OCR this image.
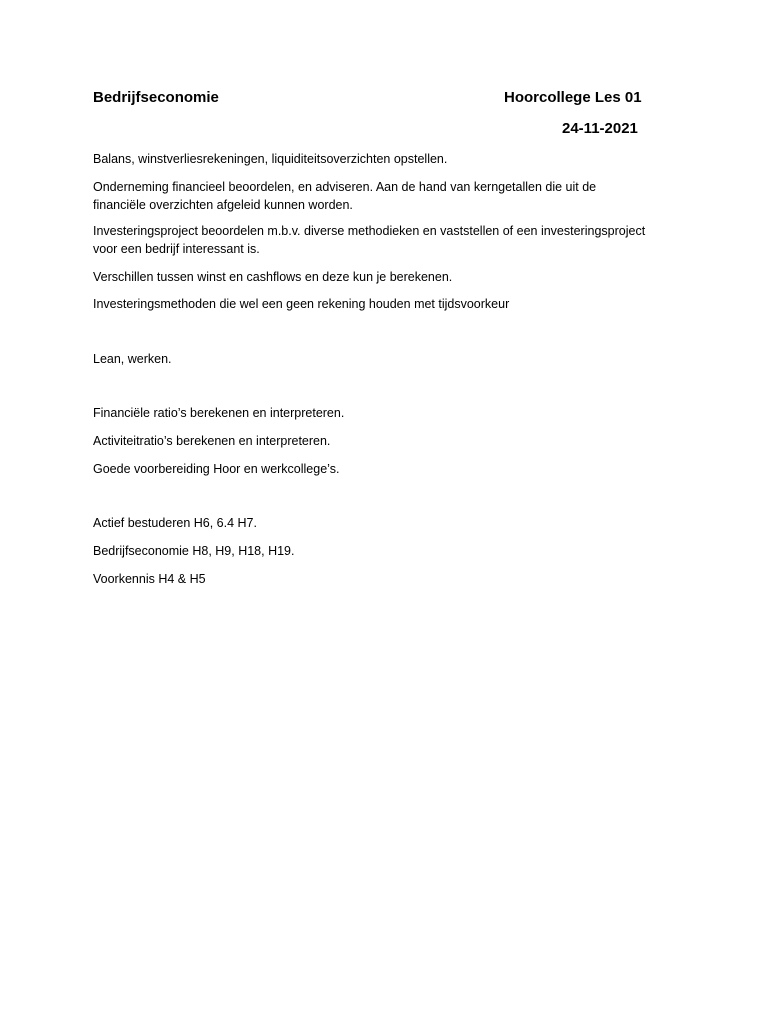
Bedrijfseconomie	Hoorcollege Les 01
24-11-2021
Balans, winstverliesrekeningen, liquiditeitsoverzichten opstellen.
Onderneming financieel beoordelen, en adviseren. Aan de hand van kerngetallen die uit de
financiële overzichten afgeleid kunnen worden.
Investeringsproject beoordelen m.b.v. diverse methodieken en vaststellen of een investeringsproject
voor een bedrijf interessant is.
Verschillen tussen winst en cashflows en deze kun je berekenen.
Investeringsmethoden die wel een geen rekening houden met tijdsvoorkeur
Lean, werken.
Financiële ratio’s berekenen en interpreteren.
Activiteitratio’s berekenen en interpreteren.
Goede voorbereiding Hoor en werkcollege’s.
Actief bestuderen H6, 6.4 H7.
Bedrijfseconomie H8, H9, H18, H19.
Voorkennis H4 & H5
